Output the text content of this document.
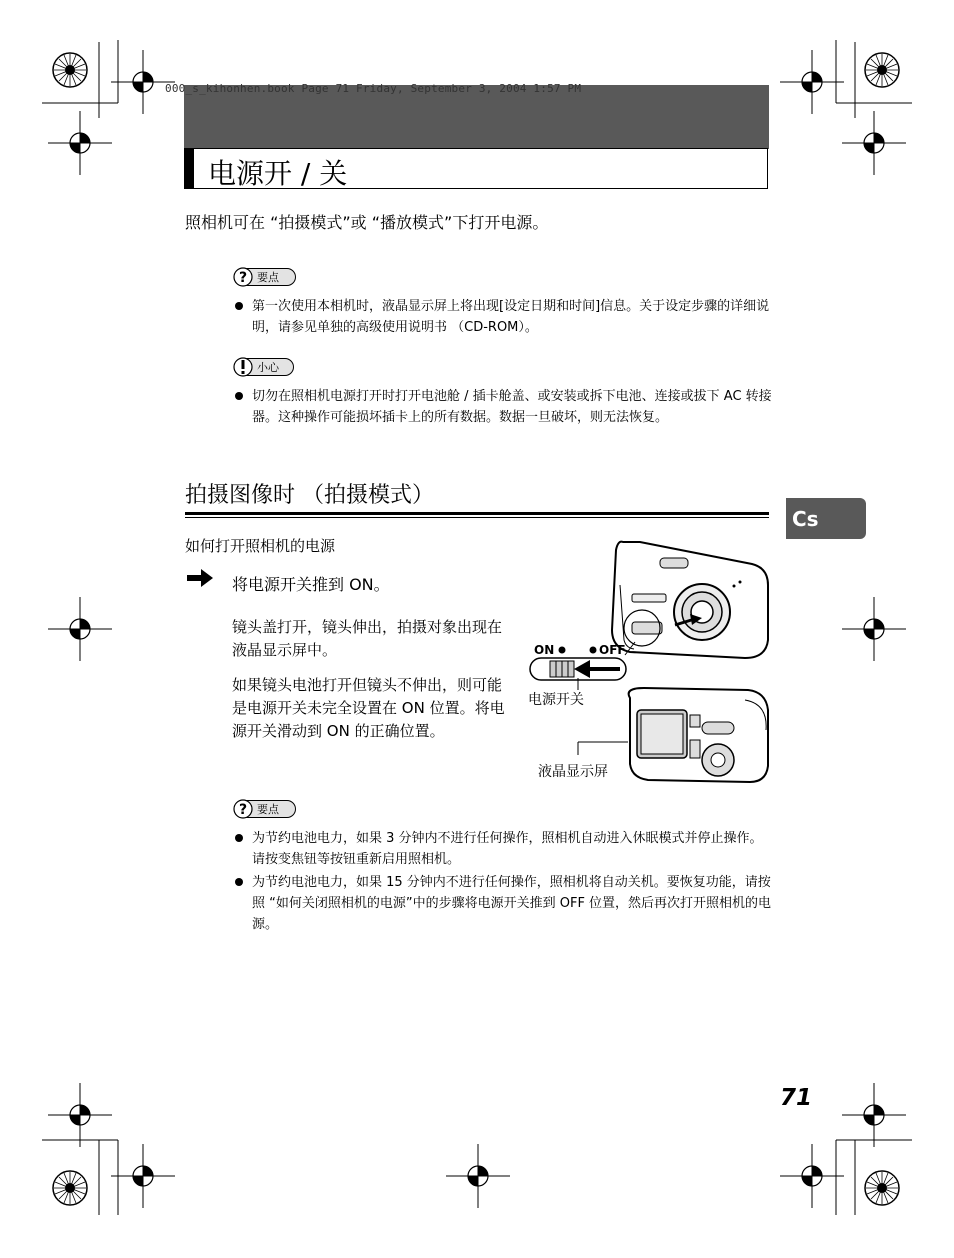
000_s_kihonhen.book Page 71 Friday, September 3, 2004 1:57 PM
电源开 / 关
照相机可在 “拍摄模式”或 “播放模式”下打开电源。
? 要点
第一次使用本相机时，液晶显示屏上将出现[设定日期和时间]信息。关于设定步骤的详细说明，请参见单独的高级使用说明书 （CD-ROM）。
小心
切勿在照相机电源打开时打开电池舱 / 插卡舱盖、或安装或拆下电池、连接或拔下 AC 转接器。这种操作可能损坏插卡上的所有数据。数据一旦破坏，则无法恢复。
拍摄图像时 （拍摄模式）
Cs
如何打开照相机的电源
将电源开关推到 ON。

镜头盖打开，镜头伸出，拍摄对象出现在液晶显示屏中。

如果镜头电池打开但镜头不伸出，则可能是电源开关未完全设置在 ON 位置。将电源开关滑动到 ON 的正确位置。

ON	OFF
电源开关
液晶显示屏
? 要点
为节约电池电力，如果 3 分钟内不进行任何操作，照相机自动进入休眠模式并停止操作。请按变焦钮等按钮重新启用照相机。
为节约电池电力，如果 15 分钟内不进行任何操作，照相机将自动关机。要恢复功能，请按照 “如何关闭照相机的电源”中的步骤将电源开关推到 OFF 位置，然后再次打开照相机的电源。
71
